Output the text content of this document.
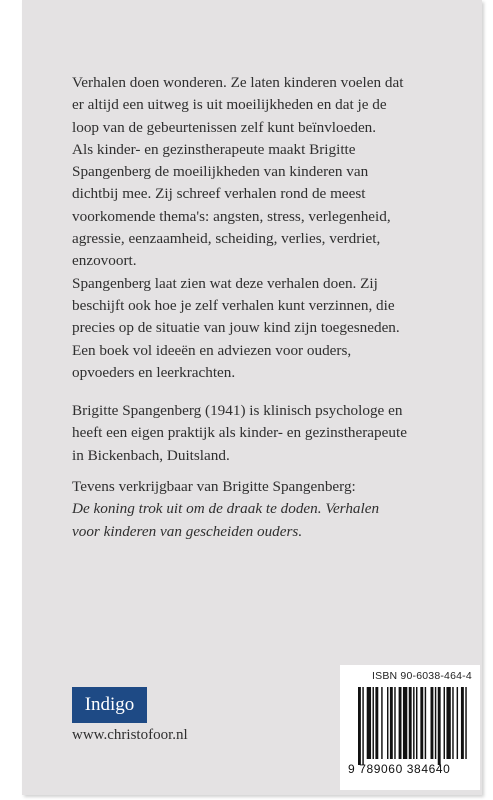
Verhalen doen wonderen. Ze laten kinderen voelen dat

er altijd een uitweg is uit moeilijkheden en dat je de

loop van de gebeurtenissen zelf kunt beïnvloeden.

Als kinder- en gezinstherapeute maakt Brigitte

Spangenberg de moeilijkheden van kinderen van

dichtbij mee. Zij schreef verhalen rond de meest

voorkomende thema's: angsten, stress, verlegenheid,

agressie, eenzaamheid, scheiding, verlies, verdriet,

enzovoort.

Spangenberg laat zien wat deze verhalen doen. Zij

beschijft ook hoe je zelf verhalen kunt verzinnen, die

precies op de situatie van jouw kind zijn toegesneden.

Een boek vol ideeën en adviezen voor ouders,

opvoeders en leerkrachten.

Brigitte Spangenberg (1941) is klinisch psychologe en

heeft een eigen praktijk als kinder- en gezinstherapeute

in Bickenbach, Duitsland.

Tevens verkrijgbaar van Brigitte Spangenberg:

De koning trok uit om de draak te doden. Verhalen

voor kinderen van gescheiden ouders.

Indigo
www.christofoor.nl
ISBN 90-6038-464-4
9 789060 384640
